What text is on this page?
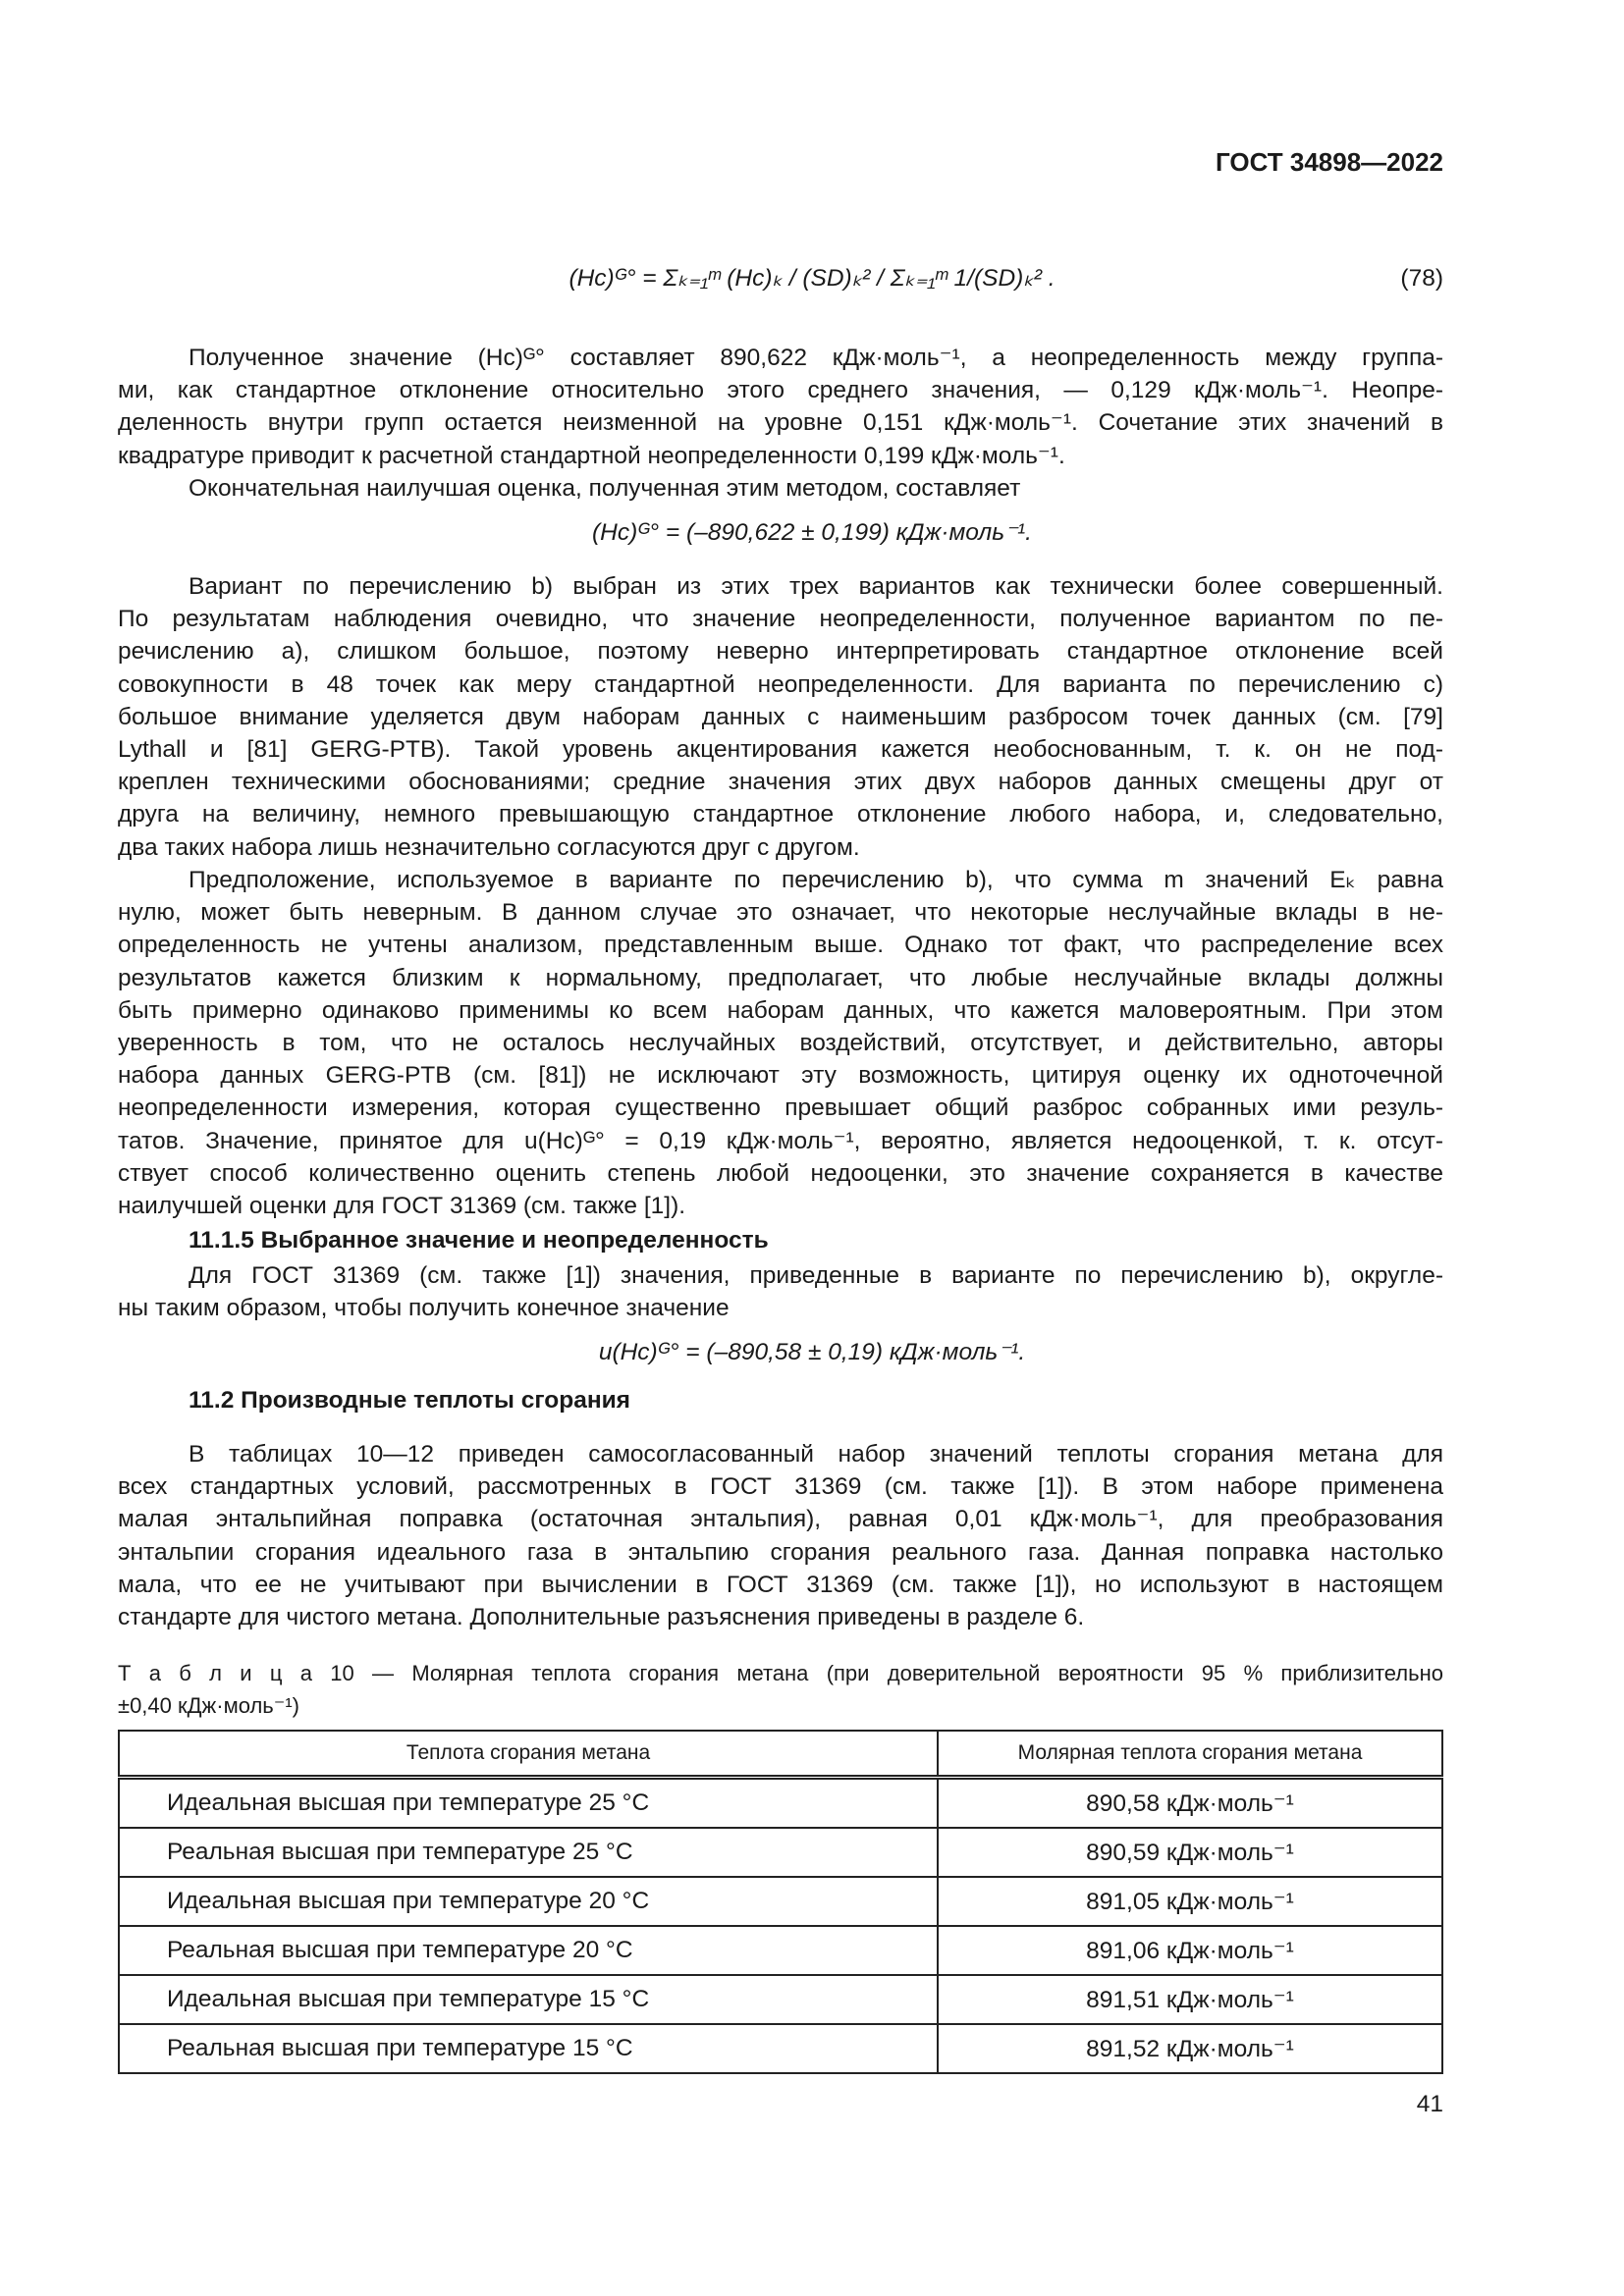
ГОСТ 34898—2022
(Hc)ᴳ° = Σₖ₌₁ᵐ (Hc)ₖ / (SD)ₖ² / Σₖ₌₁ᵐ 1/(SD)ₖ² .	(78)
Полученное значение (Hc)ᴳ° составляет 890,622 кДж·моль⁻¹, а неопределенность между группа-
ми, как стандартное отклонение относительно этого среднего значения, — 0,129 кДж·моль⁻¹. Неопре-
деленность внутри групп остается неизменной на уровне 0,151 кДж·моль⁻¹. Сочетание этих значений в
квадратуре приводит к расчетной стандартной неопределенности 0,199 кДж·моль⁻¹.
Окончательная наилучшая оценка, полученная этим методом, составляет
(Hc)ᴳ° = (–890,622 ± 0,199) кДж·моль⁻¹.
Вариант по перечислению b) выбран из этих трех вариантов как технически более совершенный.
По результатам наблюдения очевидно, что значение неопределенности, полученное вариантом по пе-
речислению a), слишком большое, поэтому неверно интерпретировать стандартное отклонение всей
совокупности в 48 точек как меру стандартной неопределенности. Для варианта по перечислению c)
большое внимание уделяется двум наборам данных с наименьшим разбросом точек данных (см. [79]
Lythall и [81] GERG-PTB). Такой уровень акцентирования кажется необоснованным, т. к. он не под-
креплен техническими обоснованиями; средние значения этих двух наборов данных смещены друг от
друга на величину, немного превышающую стандартное отклонение любого набора, и, следовательно,
два таких набора лишь незначительно согласуются друг с другом.
Предположение, используемое в варианте по перечислению b), что сумма m значений Eₖ равна
нулю, может быть неверным. В данном случае это означает, что некоторые неслучайные вклады в не-
определенность не учтены анализом, представленным выше. Однако тот факт, что распределение всех
результатов кажется близким к нормальному, предполагает, что любые неслучайные вклады должны
быть примерно одинаково применимы ко всем наборам данных, что кажется маловероятным. При этом
уверенность в том, что не осталось неслучайных воздействий, отсутствует, и действительно, авторы
набора данных GERG-PTB (см. [81]) не исключают эту возможность, цитируя оценку их одноточечной
неопределенности измерения, которая существенно превышает общий разброс собранных ими резуль-
татов. Значение, принятое для u(Hc)ᴳ° = 0,19 кДж·моль⁻¹, вероятно, является недооценкой, т. к. отсут-
ствует способ количественно оценить степень любой недооценки, это значение сохраняется в качестве
наилучшей оценки для ГОСТ 31369 (см. также [1]).
11.1.5 Выбранное значение и неопределенность
Для ГОСТ 31369 (см. также [1]) значения, приведенные в варианте по перечислению b), округле-
ны таким образом, чтобы получить конечное значение
u(Hc)ᴳ° = (–890,58 ± 0,19) кДж·моль⁻¹.
11.2 Производные теплоты сгорания
В таблицах 10—12 приведен самосогласованный набор значений теплоты сгорания метана для
всех стандартных условий, рассмотренных в ГОСТ 31369 (см. также [1]). В этом наборе применена
малая энтальпийная поправка (остаточная энтальпия), равная 0,01 кДж·моль⁻¹, для преобразования
энтальпии сгорания идеального газа в энтальпию сгорания реального газа. Данная поправка настолько
мала, что ее не учитывают при вычислении в ГОСТ 31369 (см. также [1]), но используют в настоящем
стандарте для чистого метана. Дополнительные разъяснения приведены в разделе 6.
Т а б л и ц а 10 — Молярная теплота сгорания метана (при доверительной вероятности 95 % приблизительно
±0,40 кДж·моль⁻¹)
Теплота сгорания метана	Молярная теплота сгорания метана
Идеальная высшая при температуре 25 °C	890,58 кДж·моль⁻¹
Реальная высшая при температуре 25 °C	890,59 кДж·моль⁻¹
Идеальная высшая при температуре 20 °C	891,05 кДж·моль⁻¹
Реальная высшая при температуре 20 °C	891,06 кДж·моль⁻¹
Идеальная высшая при температуре 15 °C	891,51 кДж·моль⁻¹
Реальная высшая при температуре 15 °C	891,52 кДж·моль⁻¹
41
